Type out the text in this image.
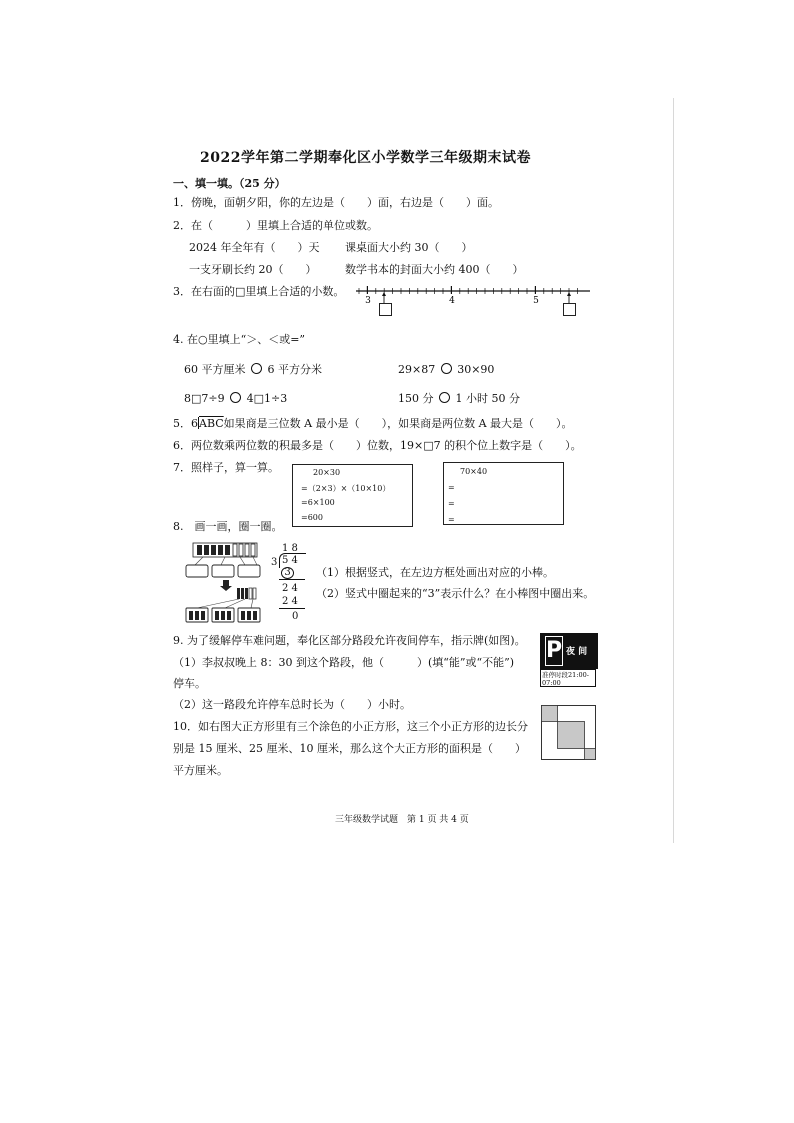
2022学年第二学期奉化区小学数学三年级期末试卷
一、填一填。（25 分）
1．傍晚，面朝夕阳，你的左边是（　　）面，右边是（　　）面。
2．在（　　　）里填上合适的单位或数。
2024 年全年有（　　）天 课桌面大小约 30（　　）
一支牙刷长约 20（　　）	数学书本的封面大小约 400（　　）
3．在右面的□里填上合适的小数。
3	4	5
4. 在○里填上“＞、＜或=”
60 平方厘米 6 平方分米	29×87 30×90
8□7÷9 4□1÷3	150 分 1 小时 50 分
5．$6\overline{ABC}$如果商是三位数 A 最小是（　　），如果商是两位数 A 最大是（　　）。
6．两位数乘两位数的积最多是（　　）位数，19×□7 的积个位上数字是（　　）。
7．照样子，算一算。	20×30
=（2×3）×（10×10）
=6×100
=600
70×40
=
=
=
8.　画一画，圈一圈。
1 8
3 5 4
3
2 4
2 4
0
（1）根据竖式，在左边方框处画出对应的小棒。
（2）竖式中圈起来的“3”表示什么？在小棒图中圈出来。
9. 为了缓解停车难问题，奉化区部分路段允许夜间停车，指示牌(如图)。
（1）李叔叔晚上 8：30 到这个路段，他（　　　）(填“能”或“不能”)
停车。
（2）这一路段允许停车总时长为（　　）小时。
P 夜 间
准停时段21:00-07:00
10．如右图大正方形里有三个涂色的小正方形，这三个小正方形的边长分
别是 15 厘米、25 厘米、10 厘米，那么这个大正方形的面积是（　　）
平方厘米。
三年级数学试题　第 1 页 共 4 页
